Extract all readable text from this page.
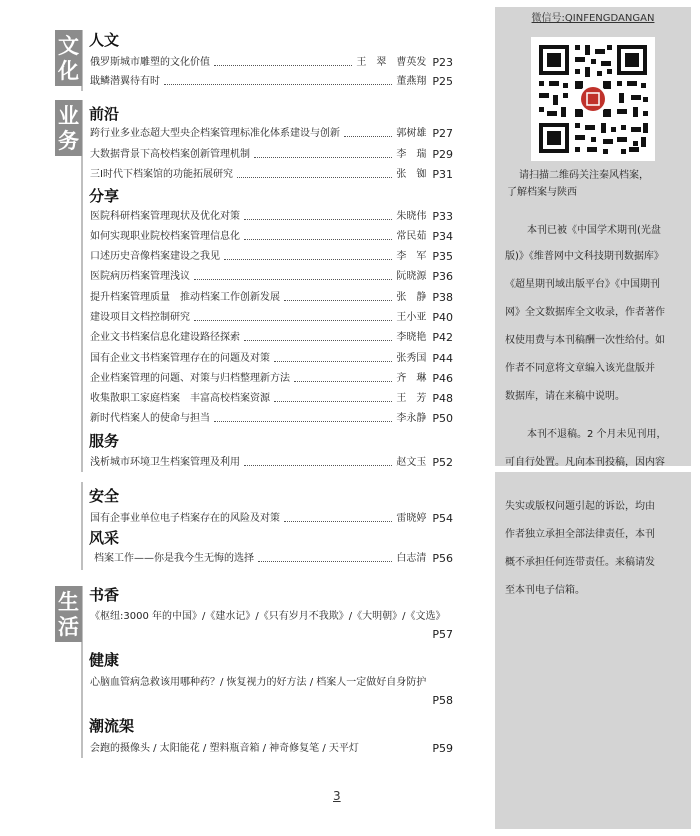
文
化
业
务
生
活
人文
俄罗斯城市雕塑的文化价值	王　翠　曹英发 P23
戢鳞潜翼待有时	董燕翔 P25
前沿
跨行业多业态超大型央企档案管理标准化体系建设与创新	郭树雄 P27
大数据背景下高校档案创新管理机制	李　瑞 P29
三I时代下档案馆的功能拓展研究	张　铷 P31
分享
医院科研档案管理现状及优化对策	朱晓伟 P33
如何实现职业院校档案管理信息化	常民茹 P34
口述历史音像档案建设之我见	李　军 P35
医院病历档案管理浅议	阮晓源 P36
提升档案管理质量　推动档案工作创新发展	张　静 P38
建设项目文档控制研究	王小亚 P40
企业文书档案信息化建设路径探索	李晓艳 P42
国有企业文书档案管理存在的问题及对策	张秀国 P44
企业档案管理的问题、对策与归档整理新方法	齐　琳 P46
收集散职工家庭档案　丰富高校档案资源	王　芳 P48
新时代档案人的使命与担当	李永静 P50
服务
浅析城市环境卫生档案管理及利用	赵文玉 P52
安全
国有企事业单位电子档案存在的风险及对策	雷晓婷 P54
风采
档案工作——你是我今生无悔的选择	白志清 P56
书香
《枢纽:3000 年的中国》/《建水记》/《只有岁月不我欺》/《大明朝》/《文选》
P57
健康
心脑血管病急救该用哪种药？/ 恢复视力的好方法 / 档案人一定做好自身防护
P58
潮流架
会跑的摄像头 / 太阳能花 / 塑料瓶音箱 / 神奇修复笔 / 天平灯	P59
3
微信号:QINFENGDANGAN
请扫描二维码关注秦风档案，
了解档案与陕西
本刊已被《中国学术期刊(光盘
版)》《维普网中文科技期刊数据库》
《超星期刊域出版平台》《中国期刊
网》全文数据库全文收录，作者著作
权使用费与本刊稿酬一次性给付。如
作者不同意将文章编入该光盘版并
数据库，请在来稿中说明。
本刊不退稿。2 个月未见刊用，
可自行处置。凡向本刊投稿，因内容
失实或版权问题引起的诉讼，均由
作者独立承担全部法律责任，本刊
概不承担任何连带责任。来稿请发
至本刊电子信箱。
